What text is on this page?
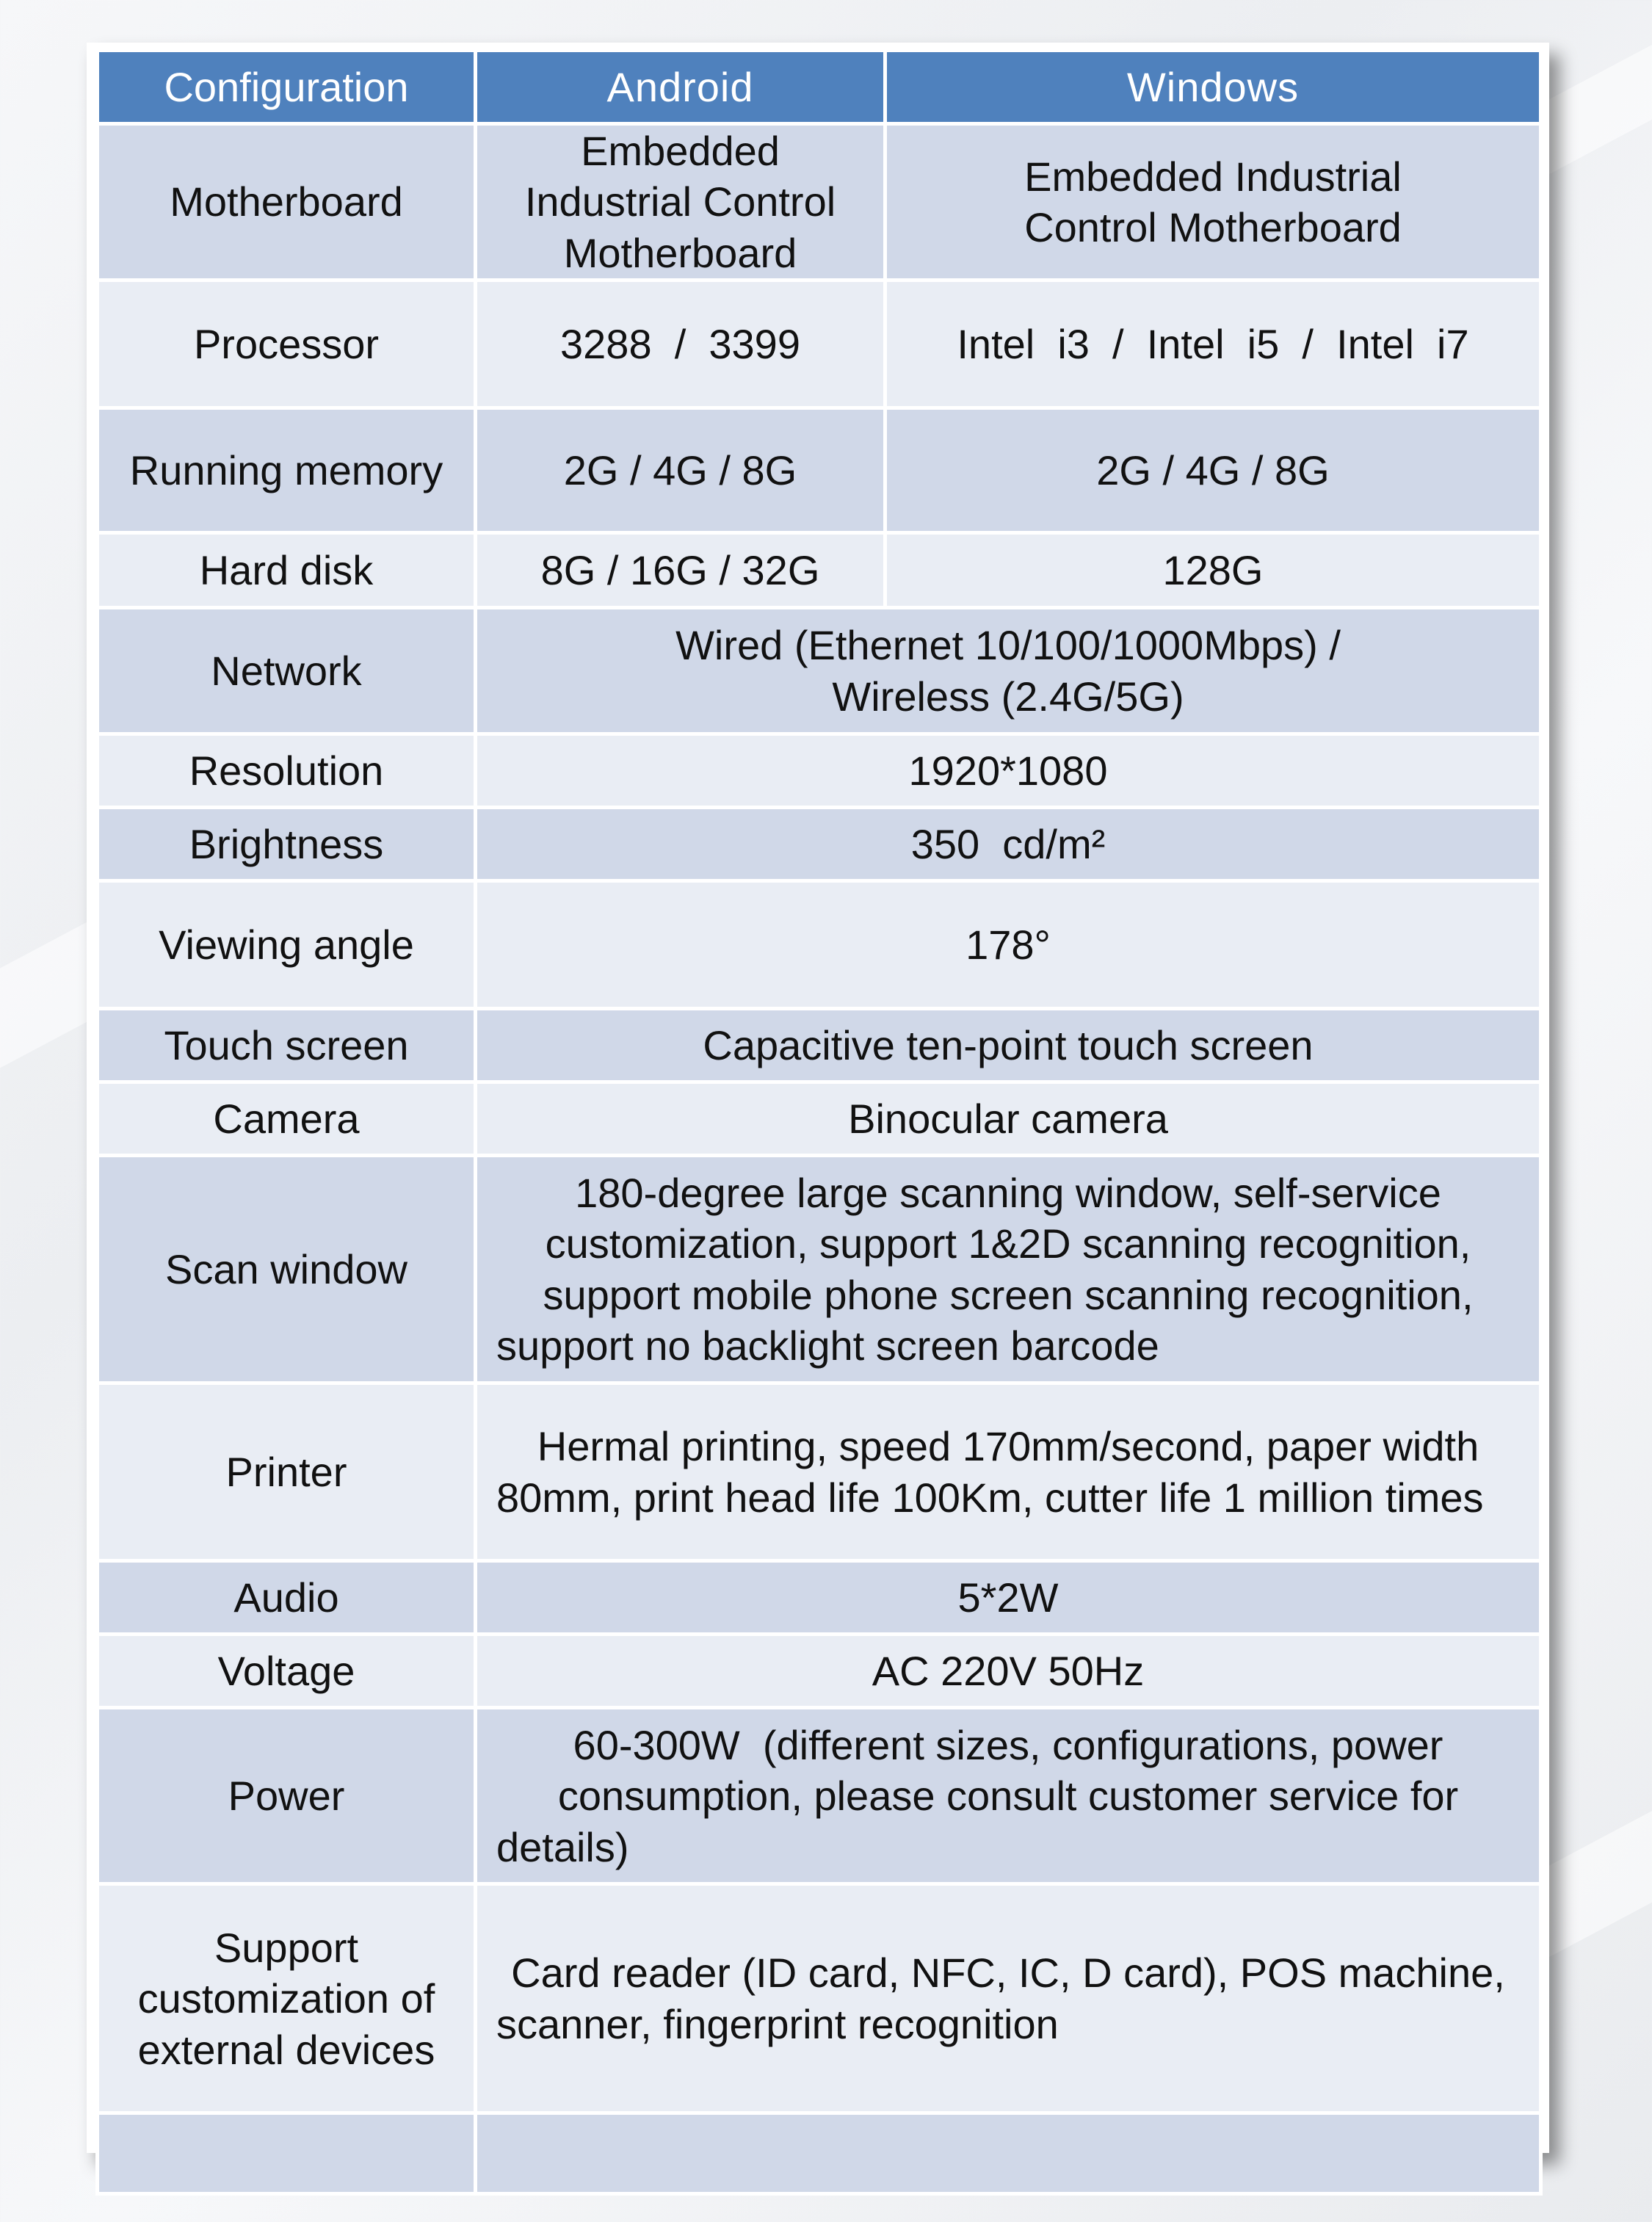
Configuration	Android	Windows
Motherboard	Embedded Industrial Control Motherboard	Embedded Industrial Control Motherboard
Processor	3288  /  3399	Intel  i3  /  Intel  i5  /  Intel  i7
Running memory	2G / 4G / 8G	2G / 4G / 8G
Hard disk	8G / 16G / 32G	128G
Network	Wired (Ethernet 10/100/1000Mbps) / Wireless (2.4G/5G)	
Resolution	1920*1080	
Brightness	350  cd/m²	
Viewing angle	178°	
Touch screen	Capacitive ten-point touch screen	
Camera	Binocular camera	
Scan window	180-degree large scanning window, self-service customization, support 1&2D scanning recognition, support mobile phone screen scanning recognition, support no backlight screen barcode	
Printer	Hermal printing, speed 170mm/second, paper width 80mm, print head life 100Km, cutter life 1 million times	
Audio	5*2W	
Voltage	AC 220V 50Hz	
Power	60-300W  (different sizes, configurations, power consumption, please consult customer service for details)	
Support customization of external devices	Card reader (ID card, NFC, IC, D card), POS machine, scanner, fingerprint recognition	
